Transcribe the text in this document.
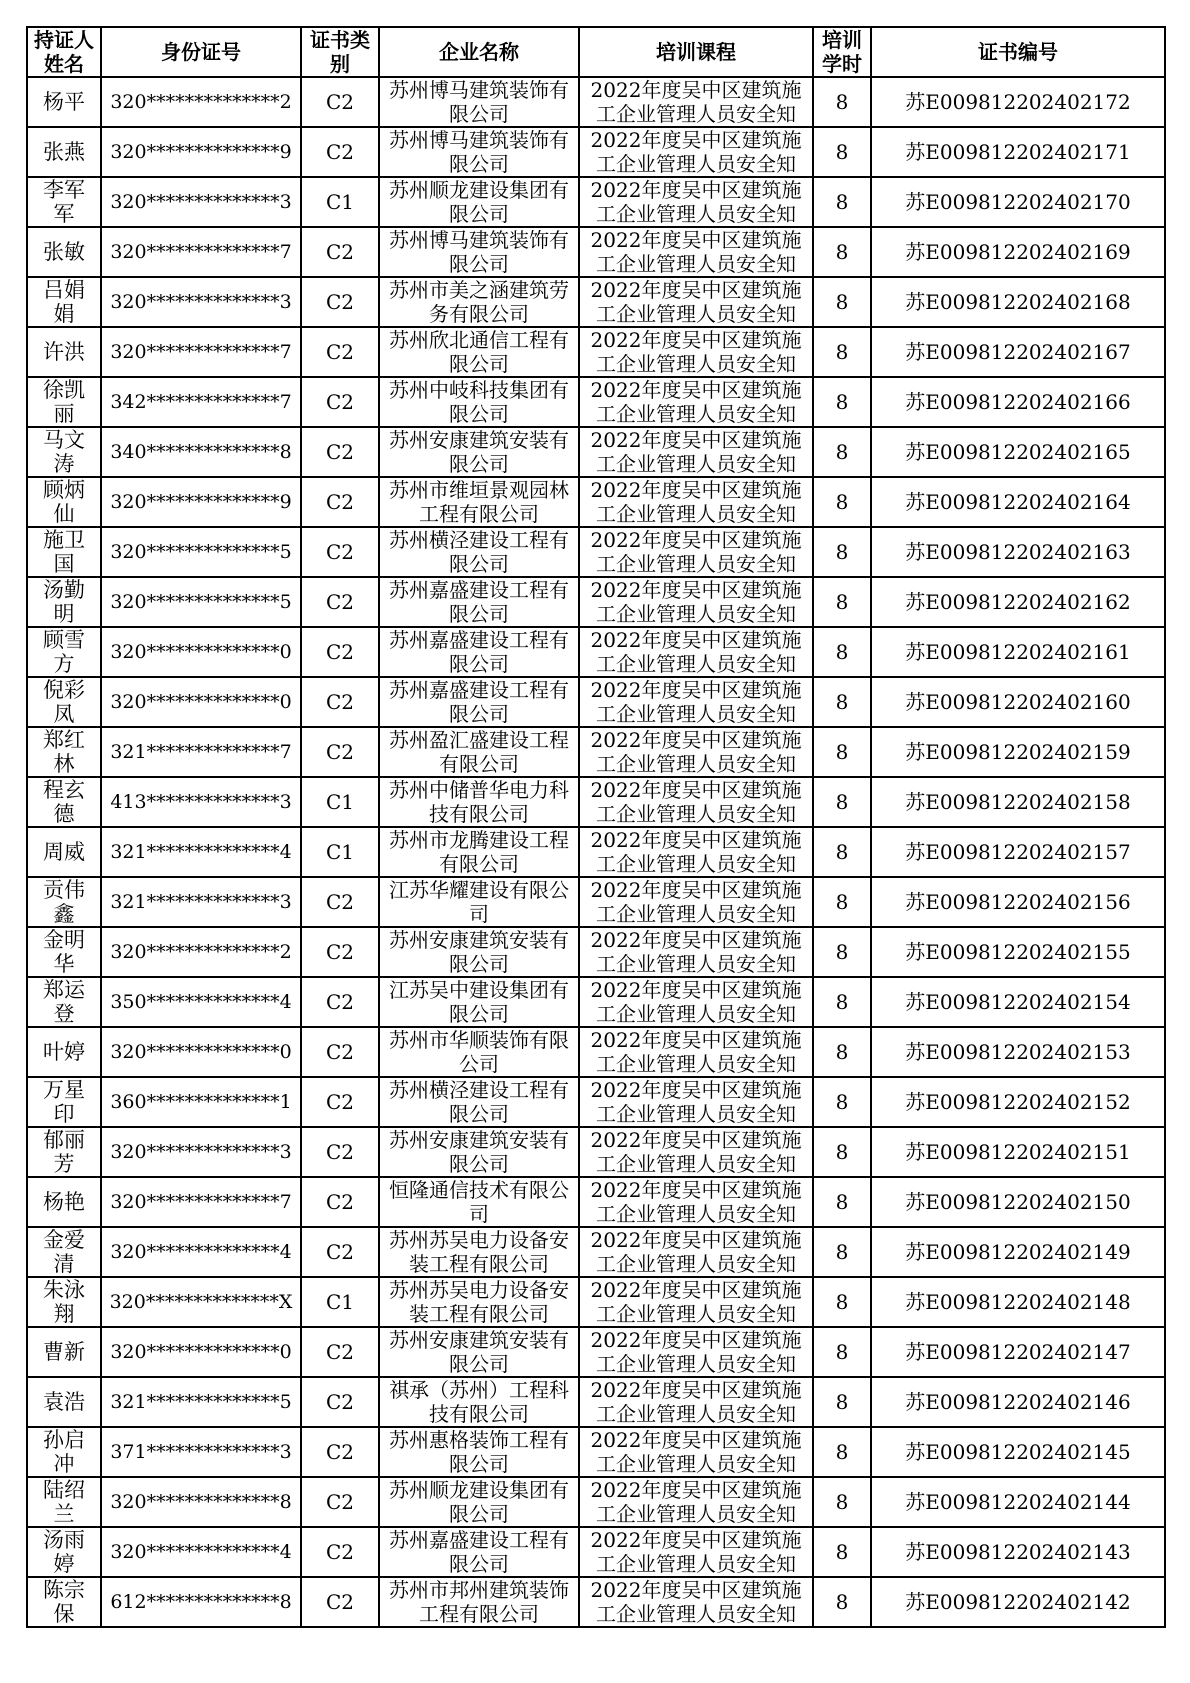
持证人姓名	身份证号	证书类别	企业名称	培训课程	培训学时	证书编号

杨平	320**************2	C2	苏州博马建筑装饰有限公司	2022年度吴中区建筑施工企业管理人员安全知	8	苏E009812202402172

张燕	320**************9	C2	苏州博马建筑装饰有限公司	2022年度吴中区建筑施工企业管理人员安全知	8	苏E009812202402171

李军军	320**************3	C1	苏州顺龙建设集团有限公司	2022年度吴中区建筑施工企业管理人员安全知	8	苏E009812202402170

张敏	320**************7	C2	苏州博马建筑装饰有限公司	2022年度吴中区建筑施工企业管理人员安全知	8	苏E009812202402169

吕娟娟	320**************3	C2	苏州市美之涵建筑劳务有限公司	2022年度吴中区建筑施工企业管理人员安全知	8	苏E009812202402168

许洪	320**************7	C2	苏州欣北通信工程有限公司	2022年度吴中区建筑施工企业管理人员安全知	8	苏E009812202402167

徐凯丽	342**************7	C2	苏州中岐科技集团有限公司	2022年度吴中区建筑施工企业管理人员安全知	8	苏E009812202402166

马文涛	340**************8	C2	苏州安康建筑安装有限公司	2022年度吴中区建筑施工企业管理人员安全知	8	苏E009812202402165

顾炳仙	320**************9	C2	苏州市维垣景观园林工程有限公司	2022年度吴中区建筑施工企业管理人员安全知	8	苏E009812202402164

施卫国	320**************5	C2	苏州横泾建设工程有限公司	2022年度吴中区建筑施工企业管理人员安全知	8	苏E009812202402163

汤勤明	320**************5	C2	苏州嘉盛建设工程有限公司	2022年度吴中区建筑施工企业管理人员安全知	8	苏E009812202402162

顾雪方	320**************0	C2	苏州嘉盛建设工程有限公司	2022年度吴中区建筑施工企业管理人员安全知	8	苏E009812202402161

倪彩凤	320**************0	C2	苏州嘉盛建设工程有限公司	2022年度吴中区建筑施工企业管理人员安全知	8	苏E009812202402160

郑红林	321**************7	C2	苏州盈汇盛建设工程有限公司	2022年度吴中区建筑施工企业管理人员安全知	8	苏E009812202402159

程玄德	413**************3	C1	苏州中储普华电力科技有限公司	2022年度吴中区建筑施工企业管理人员安全知	8	苏E009812202402158

周威	321**************4	C1	苏州市龙腾建设工程有限公司	2022年度吴中区建筑施工企业管理人员安全知	8	苏E009812202402157

贡伟鑫	321**************3	C2	江苏华耀建设有限公司	2022年度吴中区建筑施工企业管理人员安全知	8	苏E009812202402156

金明华	320**************2	C2	苏州安康建筑安装有限公司	2022年度吴中区建筑施工企业管理人员安全知	8	苏E009812202402155

郑运登	350**************4	C2	江苏吴中建设集团有限公司	2022年度吴中区建筑施工企业管理人员安全知	8	苏E009812202402154

叶婷	320**************0	C2	苏州市华顺装饰有限公司	2022年度吴中区建筑施工企业管理人员安全知	8	苏E009812202402153

万星印	360**************1	C2	苏州横泾建设工程有限公司	2022年度吴中区建筑施工企业管理人员安全知	8	苏E009812202402152

郁丽芳	320**************3	C2	苏州安康建筑安装有限公司	2022年度吴中区建筑施工企业管理人员安全知	8	苏E009812202402151

杨艳	320**************7	C2	恒隆通信技术有限公司	2022年度吴中区建筑施工企业管理人员安全知	8	苏E009812202402150

金爱清	320**************4	C2	苏州苏吴电力设备安装工程有限公司	2022年度吴中区建筑施工企业管理人员安全知	8	苏E009812202402149

朱泳翔	320**************X	C1	苏州苏吴电力设备安装工程有限公司	2022年度吴中区建筑施工企业管理人员安全知	8	苏E009812202402148

曹新	320**************0	C2	苏州安康建筑安装有限公司	2022年度吴中区建筑施工企业管理人员安全知	8	苏E009812202402147

袁浩	321**************5	C2	祺承（苏州）工程科技有限公司	2022年度吴中区建筑施工企业管理人员安全知	8	苏E009812202402146

孙启冲	371**************3	C2	苏州惠格装饰工程有限公司	2022年度吴中区建筑施工企业管理人员安全知	8	苏E009812202402145

陆绍兰	320**************8	C2	苏州顺龙建设集团有限公司	2022年度吴中区建筑施工企业管理人员安全知	8	苏E009812202402144

汤雨婷	320**************4	C2	苏州嘉盛建设工程有限公司	2022年度吴中区建筑施工企业管理人员安全知	8	苏E009812202402143

陈宗保	612**************8	C2	苏州市邦州建筑装饰工程有限公司	2022年度吴中区建筑施工企业管理人员安全知	8	苏E009812202402142
